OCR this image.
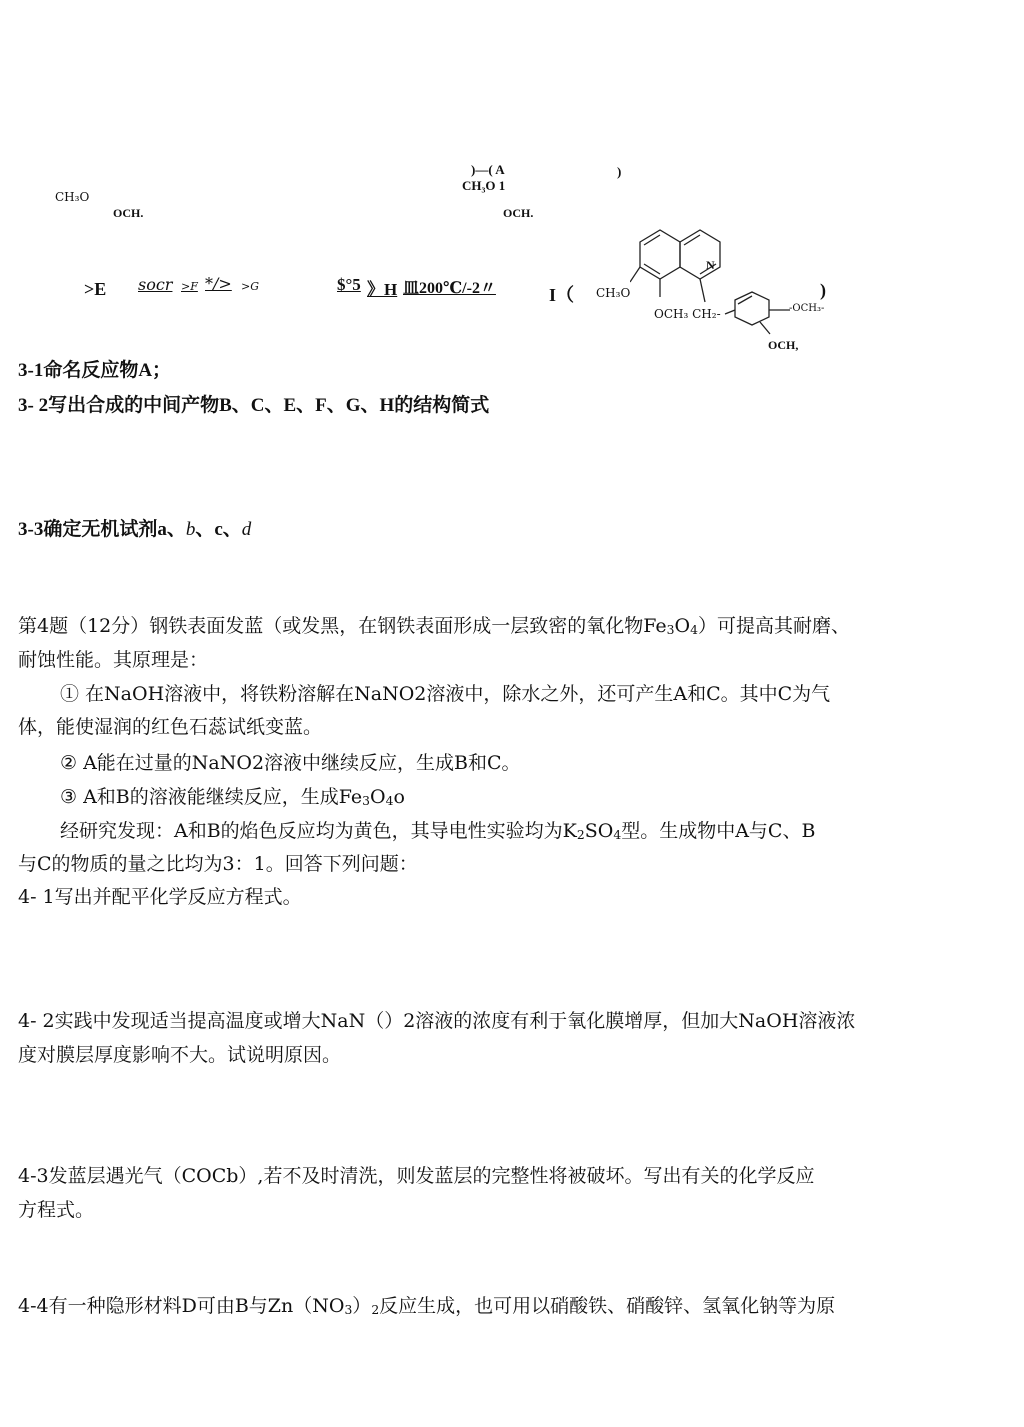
)—( A	)
CH₃O 1
CH₃O
OCH.	OCH.
>E socr >F */> >G	$°5 》H 皿200℃/-2〃	I（ CH₃O
N
OCH₃ CH₂-	-OCH₃-
)
OCH,
3-1命名反应物A；
3- 2写出合成的中间产物B、C、E、F、G、H的结构简式
3-3确定无机试剂a、b、c、d
第4题（12分）钢铁表面发蓝（或发黑，在钢铁表面形成一层致密的氧化物$Fe_3O_4$）可提高其耐磨、
耐蚀性能。其原理是：
① 在NaOH溶液中，将铁粉溶解在NaNO2溶液中，除水之外，还可产生A和C。其中C为气
体，能使湿润的红色石蕊试纸变蓝。
② A能在过量的NaNO2溶液中继续反应，生成B和C。
③ A和B的溶液能继续反应，生成$Fe_3O_4o$
经研究发现：A和B的焰色反应均为黄色，其导电性实验均为$K_2SO_4$型。生成物中A与C、B
与C的物质的量之比均为3：1。回答下列问题：
4- 1写出并配平化学反应方程式。
4- 2实践中发现适当提高温度或增大NaN（）2溶液的浓度有利于氧化膜增厚，但加大NaOH溶液浓
度对膜层厚度影响不大。试说明原因。
4-3发蓝层遇光气（COCb）,若不及时清洗，则发蓝层的完整性将被破坏。写出有关的化学反应
方程式。
4-4有一种隐形材料D可由B与$Zn(NO_3)_2$反应生成，也可用以硝酸铁、硝酸锌、氢氧化钠等为原
